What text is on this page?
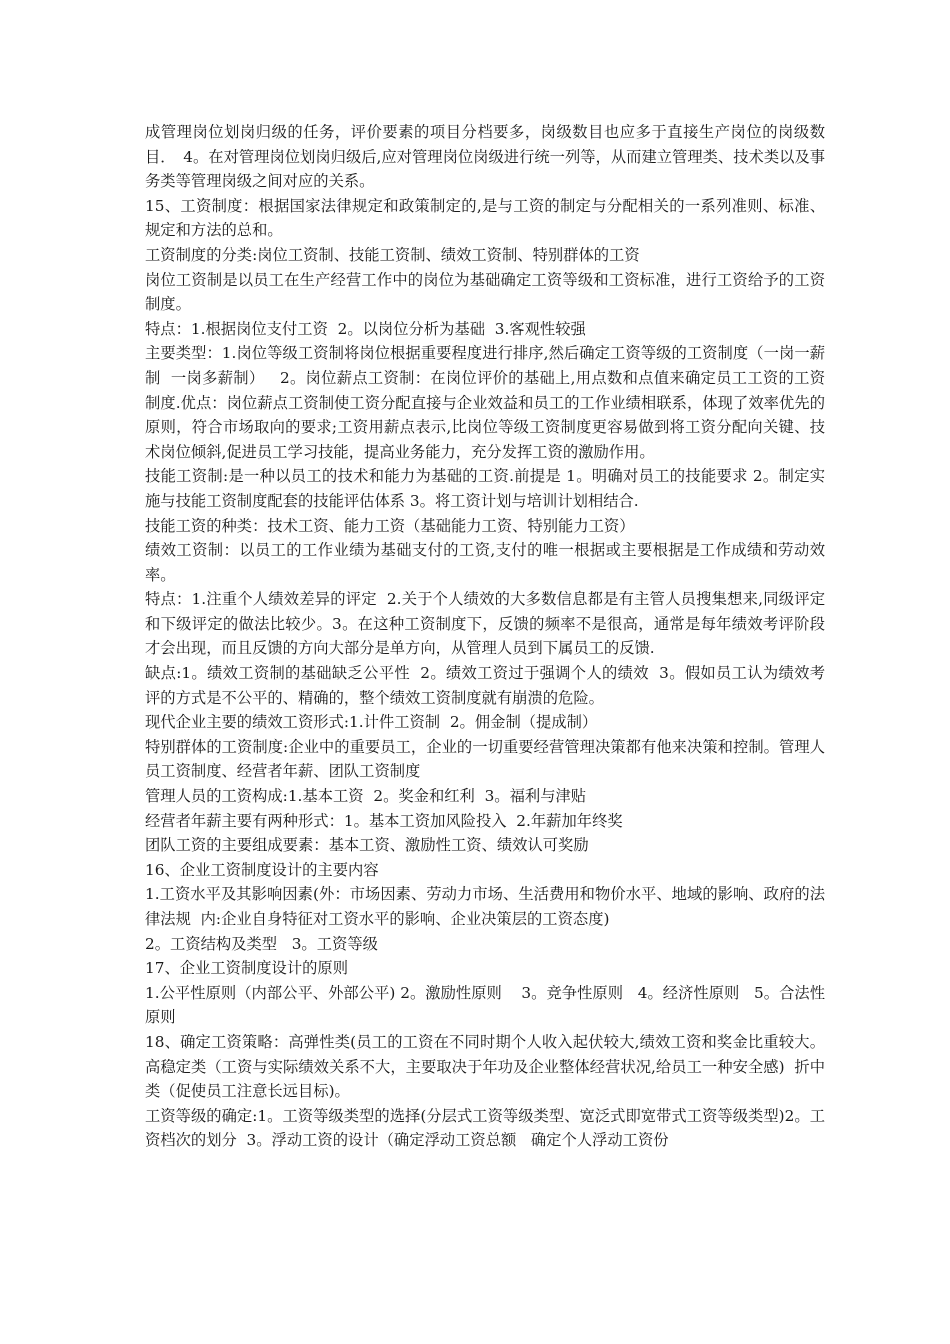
成管理岗位划岗归级的任务，评价要素的项目分档要多，岗级数目也应多于直接生产岗位的岗级数目．　4。在对管理岗位划岗归级后,应对管理岗位岗级进行统一列等，从而建立管理类、技术类以及事务类等管理岗级之间对应的关系。

15、工资制度：根据国家法律规定和政策制定的,是与工资的制定与分配相关的一系列准则、标准、规定和方法的总和。

工资制度的分类:岗位工资制、技能工资制、绩效工资制、特别群体的工资

岗位工资制是以员工在生产经营工作中的岗位为基础确定工资等级和工资标准，进行工资给予的工资制度。

特点：1.根据岗位支付工资  2。以岗位分析为基础  3.客观性较强

主要类型：1.岗位等级工资制将岗位根据重要程度进行排序,然后确定工资等级的工资制度（一岗一薪制  一岗多薪制）   2。岗位薪点工资制：在岗位评价的基础上,用点数和点值来确定员工工资的工资制度.优点：岗位薪点工资制使工资分配直接与企业效益和员工的工作业绩相联系，体现了效率优先的原则，符合市场取向的要求;工资用薪点表示,比岗位等级工资制度更容易做到将工资分配向关键、技术岗位倾斜,促进员工学习技能，提高业务能力，充分发挥工资的激励作用。

技能工资制:是一种以员工的技术和能力为基础的工资.前提是 1。明确对员工的技能要求 2。制定实施与技能工资制度配套的技能评估体系 3。将工资计划与培训计划相结合.

技能工资的种类：技术工资、能力工资（基础能力工资、特别能力工资）

绩效工资制：以员工的工作业绩为基础支付的工资,支付的唯一根据或主要根据是工作成绩和劳动效率。

特点：1.注重个人绩效差异的评定  2.关于个人绩效的大多数信息都是有主管人员搜集想来,同级评定和下级评定的做法比较少。3。在这种工资制度下，反馈的频率不是很高，通常是每年绩效考评阶段才会出现，而且反馈的方向大部分是单方向，从管理人员到下属员工的反馈.

缺点:1。绩效工资制的基础缺乏公平性  2。绩效工资过于强调个人的绩效  3。假如员工认为绩效考评的方式是不公平的、精确的，整个绩效工资制度就有崩溃的危险。

现代企业主要的绩效工资形式:1.计件工资制  2。佣金制（提成制）

特别群体的工资制度:企业中的重要员工，企业的一切重要经营管理决策都有他来决策和控制。管理人员工资制度、经营者年薪、团队工资制度

管理人员的工资构成:1.基本工资  2。奖金和红利  3。福利与津贴

经营者年薪主要有两种形式：1。基本工资加风险投入  2.年薪加年终奖

团队工资的主要组成要素：基本工资、激励性工资、绩效认可奖励

16、企业工资制度设计的主要内容

1.工资水平及其影响因素(外：市场因素、劳动力市场、生活费用和物价水平、地域的影响、政府的法律法规  内:企业自身特征对工资水平的影响、企业决策层的工资态度)

2。工资结构及类型   3。工资等级

17、企业工资制度设计的原则

1.公平性原则（内部公平、外部公平) 2。激励性原则    3。竞争性原则   4。经济性原则   5。合法性原则

18、确定工资策略：高弹性类(员工的工资在不同时期个人收入起伏较大,绩效工资和奖金比重较大。   高稳定类（工资与实际绩效关系不大，主要取决于年功及企业整体经营状况,给员工一种安全感)  折中类（促使员工注意长远目标)。

工资等级的确定:1。工资等级类型的选择(分层式工资等级类型、宽泛式即宽带式工资等级类型)2。工资档次的划分  3。浮动工资的设计（确定浮动工资总额   确定个人浮动工资份
